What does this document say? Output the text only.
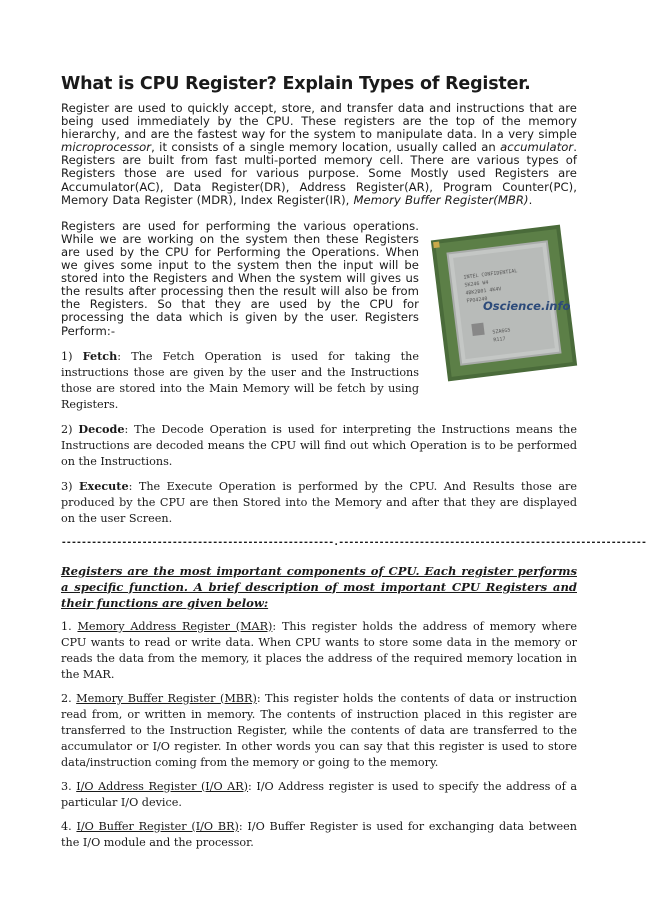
What is CPU Register? Explain Types of Register.

Register are used to quickly accept, store, and transfer data and instructions that are being used immediately by the CPU. These registers are the top of the memory hierarchy, and are the fastest way for the system to manipulate data. In a very simple microprocessor, it consists of a single memory location, usually called an accumulator. Registers are built from fast multi-ported memory cell. There are various types of Registers those are used for various purpose. Some Mostly used Registers are Accumulator(AC), Data Register(DR), Address Register(AR), Program Counter(PC), Memory Data Register (MDR), Index Register(IR), Memory Buffer Register(MBR).

INTEL CONFIDENTIAL
SK246 W4
4BK2B01 4K4V
FPO4240
SZA6G5
R117
Oscience.info

Registers are used for performing the various operations. While we are working on the system then these Registers are used by the CPU for Performing the Operations. When we gives some input to the system then the input will be stored into the Registers and When the system will gives us the results after processing then the result will also be from the Registers. So that they are used by the CPU for processing the data which is given by the user. Registers Perform:-

1) Fetch: The Fetch Operation is used for taking the instructions those are given by the user and the Instructions those are stored into the Main Memory will be fetch by using Registers.

2) Decode: The Decode Operation is used for interpreting the Instructions means the Instructions are decoded means the CPU will find out which Operation is to be performed on the Instructions.

3) Execute: The Execute Operation is performed by the CPU. And Results those are produced by the CPU are then Stored into the Memory and after that they are displayed on the user Screen.

------------------------------------------------------.-------------------------------------------------------------

Registers are the most important components of CPU. Each register performs a specific function. A brief description of most important CPU Registers and their functions are given below:

1. Memory Address Register (MAR): This register holds the address of memory where CPU wants to read or write data. When CPU wants to store some data in the memory or reads the data from the memory, it places the address of the required memory location in the MAR.

2. Memory Buffer Register (MBR): This register holds the contents of data or instruction read from, or written in memory. The contents of instruction placed in this register are transferred to the Instruction Register, while the contents of data are transferred to the accumulator or I/O register. In other words you can say that this register is used to store data/instruction coming from the memory or going to the memory.

3. I/O Address Register (I/O AR): I/O Address register is used to specify the address of a particular I/O device.

4. I/O Buffer Register (I/O BR): I/O Buffer Register is used for exchanging data between the I/O module and the processor.
